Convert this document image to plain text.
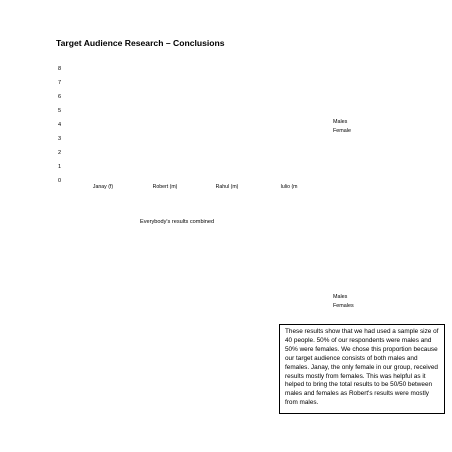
Target Audience Research – Conclusions
0
1
2
3
4
5
6
7
8
Janay (f)	Robert (m)	Rahul (m)	Iulio (m
Males
Female
Everybody's results combined
Males
Females

These results show that we had used a sample size of 40 people. 50% of our respondents were males and 50% were females. We chose this proportion because our target audience consists of both males and females. Janay, the only female in our group, received results mostly from females. This was helpful as it helped to bring the total results to be 50/50 between males and females as Robert's results were mostly from males.
